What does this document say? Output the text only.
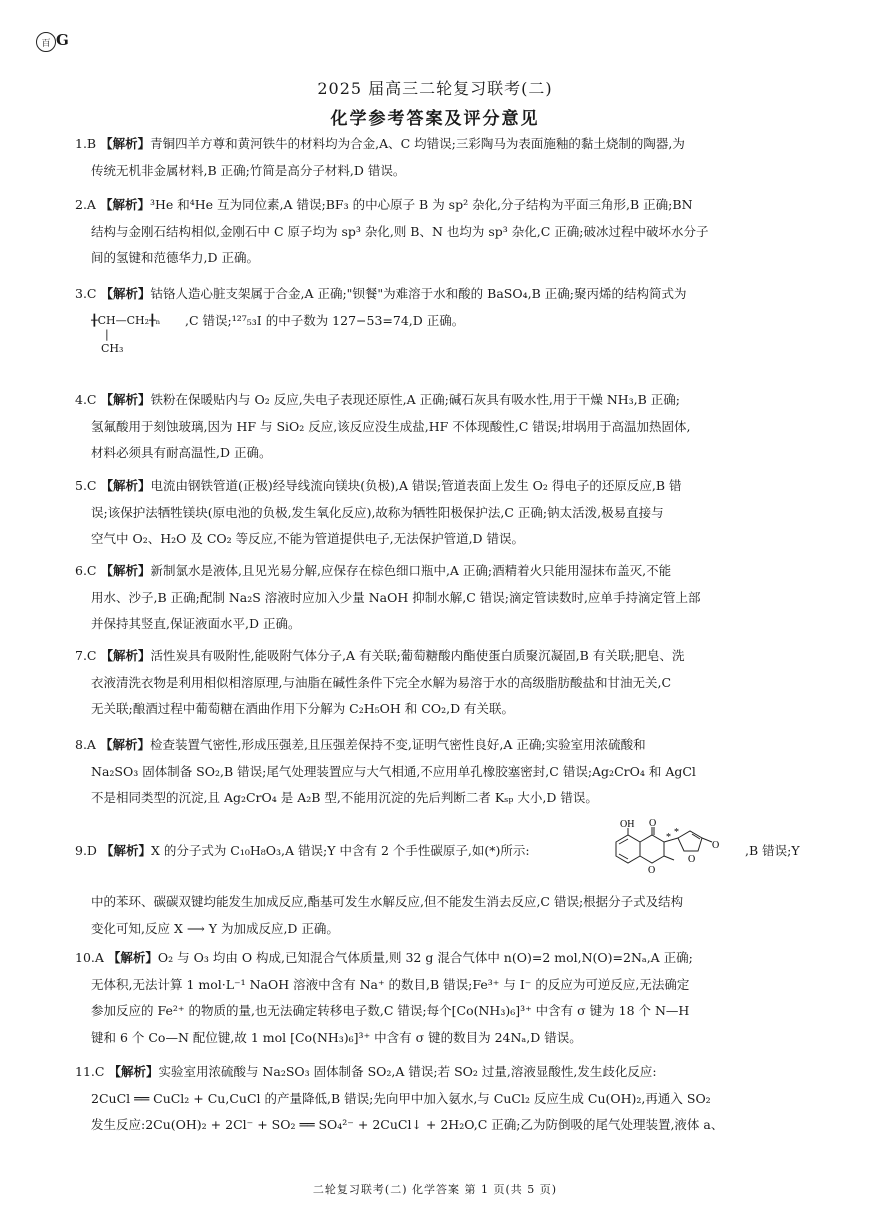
百 G
2025 届高三二轮复习联考(二)
化学参考答案及评分意见
1.B 【解析】青铜四羊方尊和黄河铁牛的材料均为合金,A、C 均错误;三彩陶马为表面施釉的黏土烧制的陶器,为
传统无机非金属材料,B 正确;竹简是高分子材料,D 错误。
2.A 【解析】³He 和⁴He 互为同位素,A 错误;BF₃ 的中心原子 B 为 sp² 杂化,分子结构为平面三角形,B 正确;BN
结构与金刚石结构相似,金刚石中 C 原子均为 sp³ 杂化,则 B、N 也均为 sp³ 杂化,C 正确;破冰过程中破坏水分子
间的氢键和范德华力,D 正确。
3.C 【解析】钴铬人造心脏支架属于合金,A 正确;"钡餐"为难溶于水和酸的 BaSO₄,B 正确;聚丙烯的结构简式为
,C 错误;¹²⁷₅₃I 的中子数为 127−53=74,D 正确。
╂CH—CH₂╂ₙ
|
CH₃
4.C 【解析】铁粉在保暖贴内与 O₂ 反应,失电子表现还原性,A 正确;碱石灰具有吸水性,用于干燥 NH₃,B 正确;
氢氟酸用于刻蚀玻璃,因为 HF 与 SiO₂ 反应,该反应没生成盐,HF 不体现酸性,C 错误;坩埚用于高温加热固体,
材料必须具有耐高温性,D 正确。
5.C 【解析】电流由钢铁管道(正极)经导线流向镁块(负极),A 错误;管道表面上发生 O₂ 得电子的还原反应,B 错
误;该保护法牺牲镁块(原电池的负极,发生氧化反应),故称为牺牲阳极保护法,C 正确;钠太活泼,极易直接与
空气中 O₂、H₂O 及 CO₂ 等反应,不能为管道提供电子,无法保护管道,D 错误。
6.C 【解析】新制氯水是液体,且见光易分解,应保存在棕色细口瓶中,A 正确;酒精着火只能用湿抹布盖灭,不能
用水、沙子,B 正确;配制 Na₂S 溶液时应加入少量 NaOH 抑制水解,C 错误;滴定管读数时,应单手持滴定管上部
并保持其竖直,保证液面水平,D 正确。
7.C 【解析】活性炭具有吸附性,能吸附气体分子,A 有关联;葡萄糖酸内酯使蛋白质聚沉凝固,B 有关联;肥皂、洗
衣液清洗衣物是利用相似相溶原理,与油脂在碱性条件下完全水解为易溶于水的高级脂肪酸盐和甘油无关,C
无关联;酿酒过程中葡萄糖在酒曲作用下分解为 C₂H₅OH 和 CO₂,D 有关联。
8.A 【解析】检查装置气密性,形成压强差,且压强差保持不变,证明气密性良好,A 正确;实验室用浓硫酸和
Na₂SO₃ 固体制备 SO₂,B 错误;尾气处理装置应与大气相通,不应用单孔橡胶塞密封,C 错误;Ag₂CrO₄ 和 AgCl
不是相同类型的沉淀,且 Ag₂CrO₄ 是 A₂B 型,不能用沉淀的先后判断二者 Kₛₚ 大小,D 错误。
9.D 【解析】X 的分子式为 C₁₀H₈O₃,A 错误;Y 中含有 2 个手性碳原子,如(*)所示:	,B 错误;Y
中的苯环、碳碳双键均能发生加成反应,酯基可发生水解反应,但不能发生消去反应,C 错误;根据分子式及结构
变化可知,反应 X ⟶ Y 为加成反应,D 正确。
OH O
O
O
O
* *
10.A 【解析】O₂ 与 O₃ 均由 O 构成,已知混合气体质量,则 32 g 混合气体中 n(O)=2 mol,N(O)=2Nₐ,A 正确;
无体积,无法计算 1 mol·L⁻¹ NaOH 溶液中含有 Na⁺ 的数目,B 错误;Fe³⁺ 与 I⁻ 的反应为可逆反应,无法确定
参加反应的 Fe²⁺ 的物质的量,也无法确定转移电子数,C 错误;每个[Co(NH₃)₆]³⁺ 中含有 σ 键为 18 个 N—H
键和 6 个 Co—N 配位键,故 1 mol [Co(NH₃)₆]³⁺ 中含有 σ 键的数目为 24Nₐ,D 错误。
11.C 【解析】实验室用浓硫酸与 Na₂SO₃ 固体制备 SO₂,A 错误;若 SO₂ 过量,溶液显酸性,发生歧化反应:
2CuCl ══ CuCl₂ + Cu,CuCl 的产量降低,B 错误;先向甲中加入氨水,与 CuCl₂ 反应生成 Cu(OH)₂,再通入 SO₂
发生反应:2Cu(OH)₂ + 2Cl⁻ + SO₂ ══ SO₄²⁻ + 2CuCl↓ + 2H₂O,C 正确;乙为防倒吸的尾气处理装置,液体 a、
二轮复习联考(二) 化学答案 第 1 页(共 5 页)
